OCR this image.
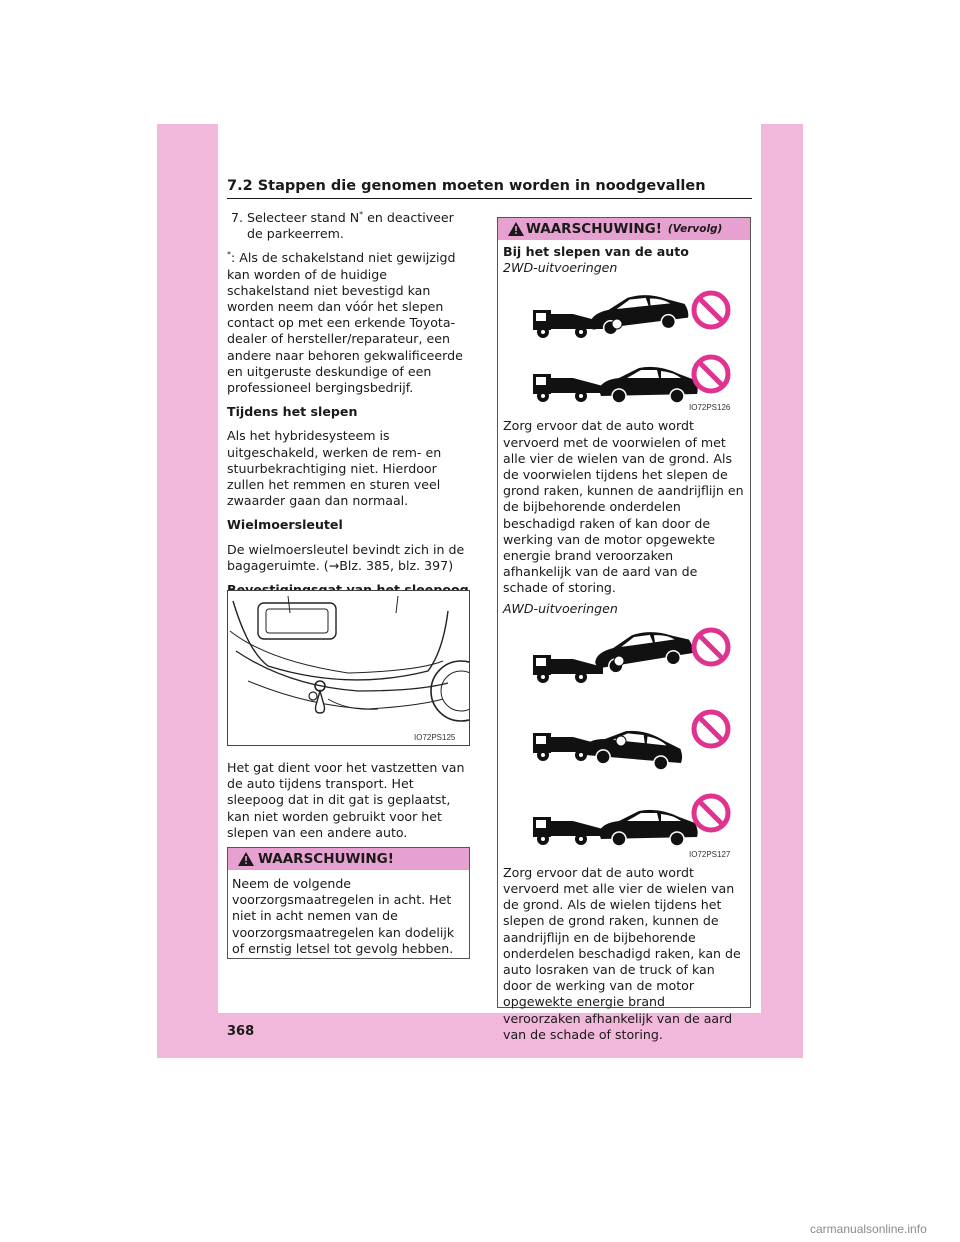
7.2 Stappen die genomen moeten worden in noodgevallen
7. Selecteer stand N* en deactiveer de parkeerrem.
*: Als de schakelstand niet gewijzigd kan worden of de huidige schakelstand niet bevestigd kan worden neem dan vóór het slepen contact op met een erkende Toyota-dealer of hersteller/reparateur, een andere naar behoren gekwalificeerde en uitgeruste deskundige of een professioneel bergingsbedrijf.

Tijdens het slepen

Als het hybridesysteem is uitgeschakeld, werken de rem- en stuurbekrachtiging niet. Hierdoor zullen het remmen en sturen veel zwaarder gaan dan normaal.

Wielmoersleutel

De wielmoersleutel bevindt zich in de bagageruimte. (→Blz. 385, blz. 397)

IO72PS125
Het gat dient voor het vastzetten van de auto tijdens transport. Het sleepoog dat in dit gat is geplaatst, kan niet worden gebruikt voor het slepen van een andere auto.
WAARSCHUWING!
Neem de volgende voorzorgsmaatregelen in acht. Het niet in acht nemen van de voorzorgsmaatregelen kan dodelijk of ernstig letsel tot gevolg hebben.
WAARSCHUWING! (Vervolg)
Bij het slepen van de auto
2WD-uitvoeringen
IO72PS126
Zorg ervoor dat de auto wordt vervoerd met de voorwielen of met alle vier de wielen van de grond. Als de voorwielen tijdens het slepen de grond raken, kunnen de aandrijflijn en de bijbehorende onderdelen beschadigd raken of kan door de werking van de motor opgewekte energie brand veroorzaken afhankelijk van de aard van de schade of storing.
AWD-uitvoeringen
IO72PS127
Zorg ervoor dat de auto wordt vervoerd met alle vier de wielen van de grond. Als de wielen tijdens het slepen de grond raken, kunnen de aandrijflijn en de bijbehorende onderdelen beschadigd raken, kan de auto losraken van de truck of kan door de werking van de motor opgewekte energie brand veroorzaken afhankelijk van de aard van de schade of storing.
368
carmanualsonline.info
